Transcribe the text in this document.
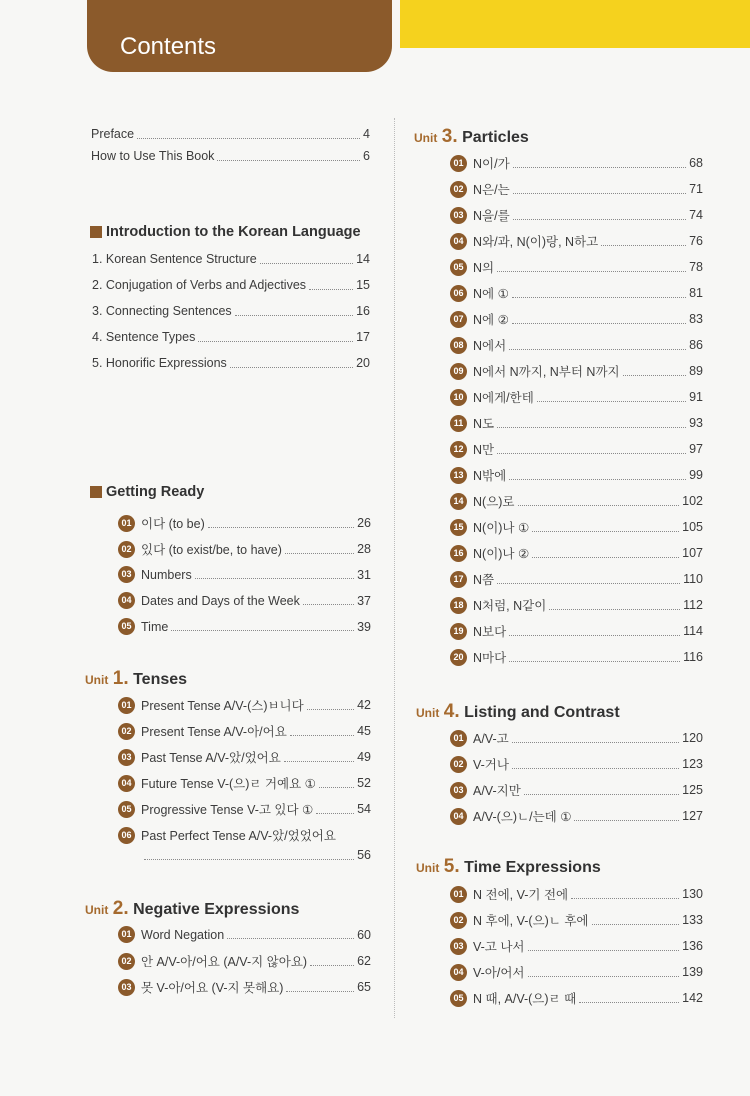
Contents
Preface	4
How to Use This Book	6
Introduction to the Korean Language
1. Korean Sentence Structure	14
2. Conjugation of Verbs and Adjectives	15
3. Connecting Sentences	16
4. Sentence Types	17
5. Honorific Expressions	20
Getting Ready
01 이다 (to be)	26
02 있다 (to exist/be, to have)	28
03 Numbers	31
04 Dates and Days of the Week	37
05 Time	39
Unit 1. Tenses
01 Present Tense A/V-(스)ㅂ니다	42
02 Present Tense A/V-아/어요	45
03 Past Tense A/V-았/었어요	49
04 Future Tense V-(으)ㄹ 거예요 ①	52
05 Progressive Tense V-고 있다 ①	54
06 Past Perfect Tense A/V-았/었었어요
56
Unit 2. Negative Expressions
01 Word Negation	60
02 안 A/V-아/어요 (A/V-지 않아요)	62
03 못 V-아/어요 (V-지 못해요)	65
Unit 3. Particles
01 N이/가	68
02 N은/는	71
03 N을/를	74
04 N와/과, N(이)랑, N하고	76
05 N의	78
06 N에 ①	81
07 N에 ②	83
08 N에서	86
09 N에서 N까지, N부터 N까지	89
10 N에게/한테	91
11 N도	93
12 N만	97
13 N밖에	99
14 N(으)로	102
15 N(이)나 ①	105
16 N(이)나 ②	107
17 N쯤	110
18 N처럼, N같이	112
19 N보다	114
20 N마다	116
Unit 4. Listing and Contrast
01 A/V-고	120
02 V-거나	123
03 A/V-지만	125
04 A/V-(으)ㄴ/는데 ①	127
Unit 5. Time Expressions
01 N 전에, V-기 전에	130
02 N 후에, V-(으)ㄴ 후에	133
03 V-고 나서	136
04 V-아/어서	139
05 N 때, A/V-(으)ㄹ 때	142
